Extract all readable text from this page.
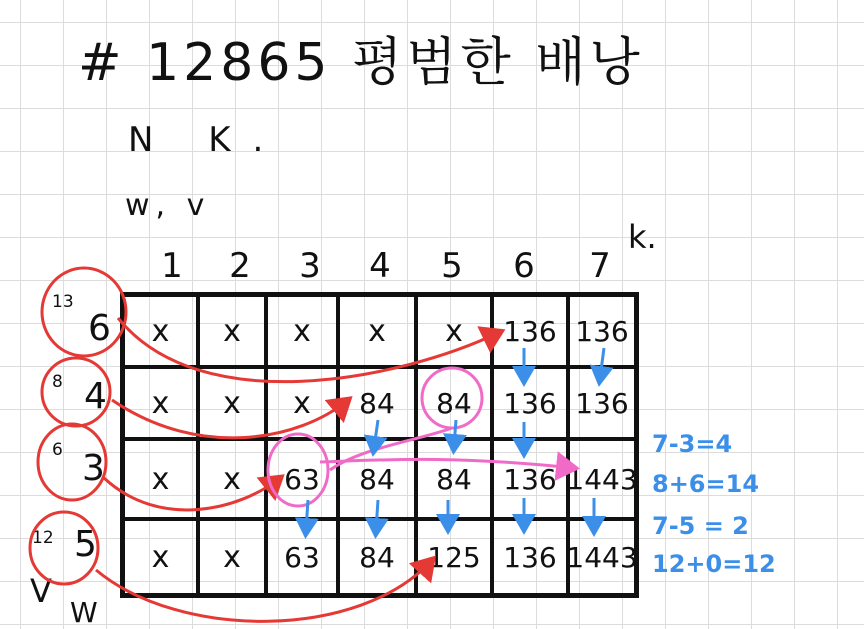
# 12865 평범한 배낭
N K.
w, v
k.
V
W
1 2 3 4 5 6 7
13
6
8 4
6 3
12 5
x	x	x	x	x	136 136
x	x	x	84	84	136 136
x	x	63	84	84	136 1443
x	x	63	84	125 136 1443
7-3=4
8+6=14
7-5 = 2
12+0=12
